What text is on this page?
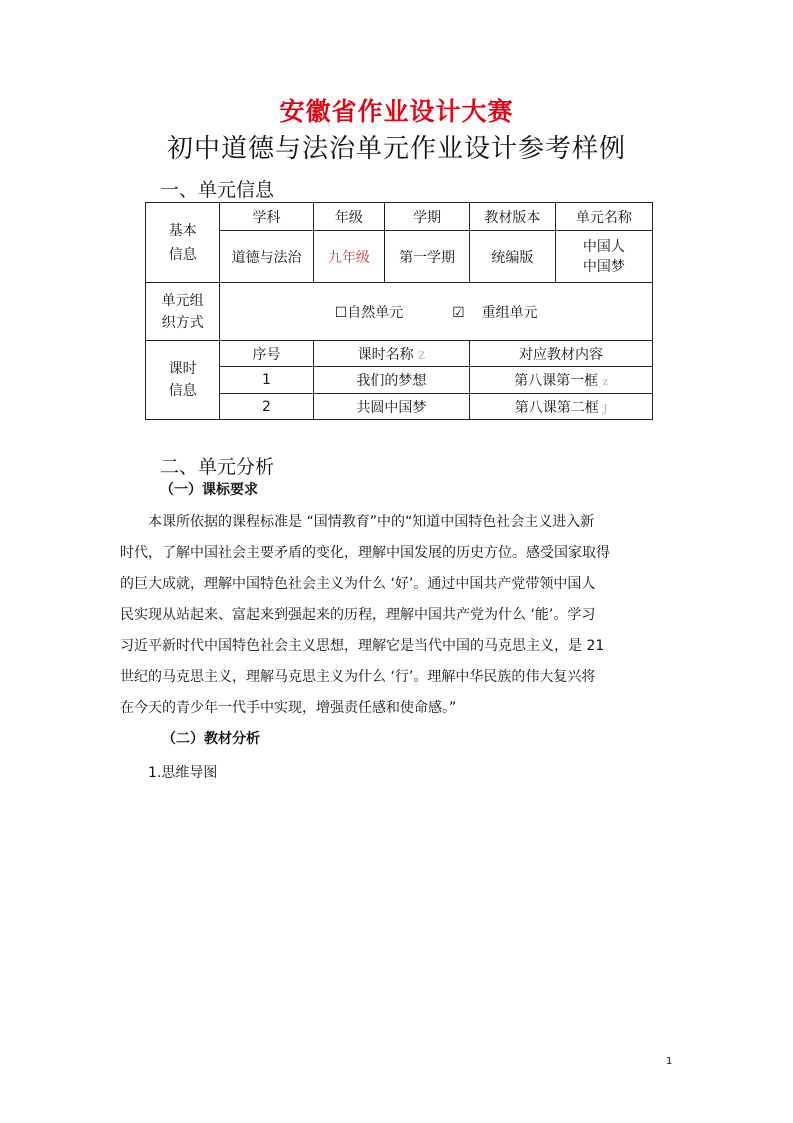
安徽省作业设计大赛
初中道德与法治单元作业设计参考样例
一、单元信息
基本
信息	学科	年级	学期	教材版本	单元名称
	道德与法治	九年级	第一学期	统编版	中国人
中国梦
单元组
织方式	☐自然单元 ☑ 重组单元				
课时
信息	序号	课时名称 Z		对应教材内容	
	1	我们的梦想		第八课第一框 z	
	2	共圆中国梦		第八课第二框 J	
二、单元分析
（一）课标要求
本课所依据的课程标准是 “国情教育”中的“知道中国特色社会主义进入新
时代，了解中国社会主要矛盾的变化，理解中国发展的历史方位。感受国家取得
的巨大成就，理解中国特色社会主义为什么 ‘好’。通过中国共产党带领中国人
民实现从站起来、富起来到强起来的历程，理解中国共产党为什么 ‘能’。学习
习近平新时代中国特色社会主义思想，理解它是当代中国的马克思主义，是 21
世纪的马克思主义，理解马克思主义为什么 ‘行’。理解中华民族的伟大复兴将
在今天的青少年一代手中实现，增强责任感和使命感。”
（二）教材分析
1.思维导图
1
